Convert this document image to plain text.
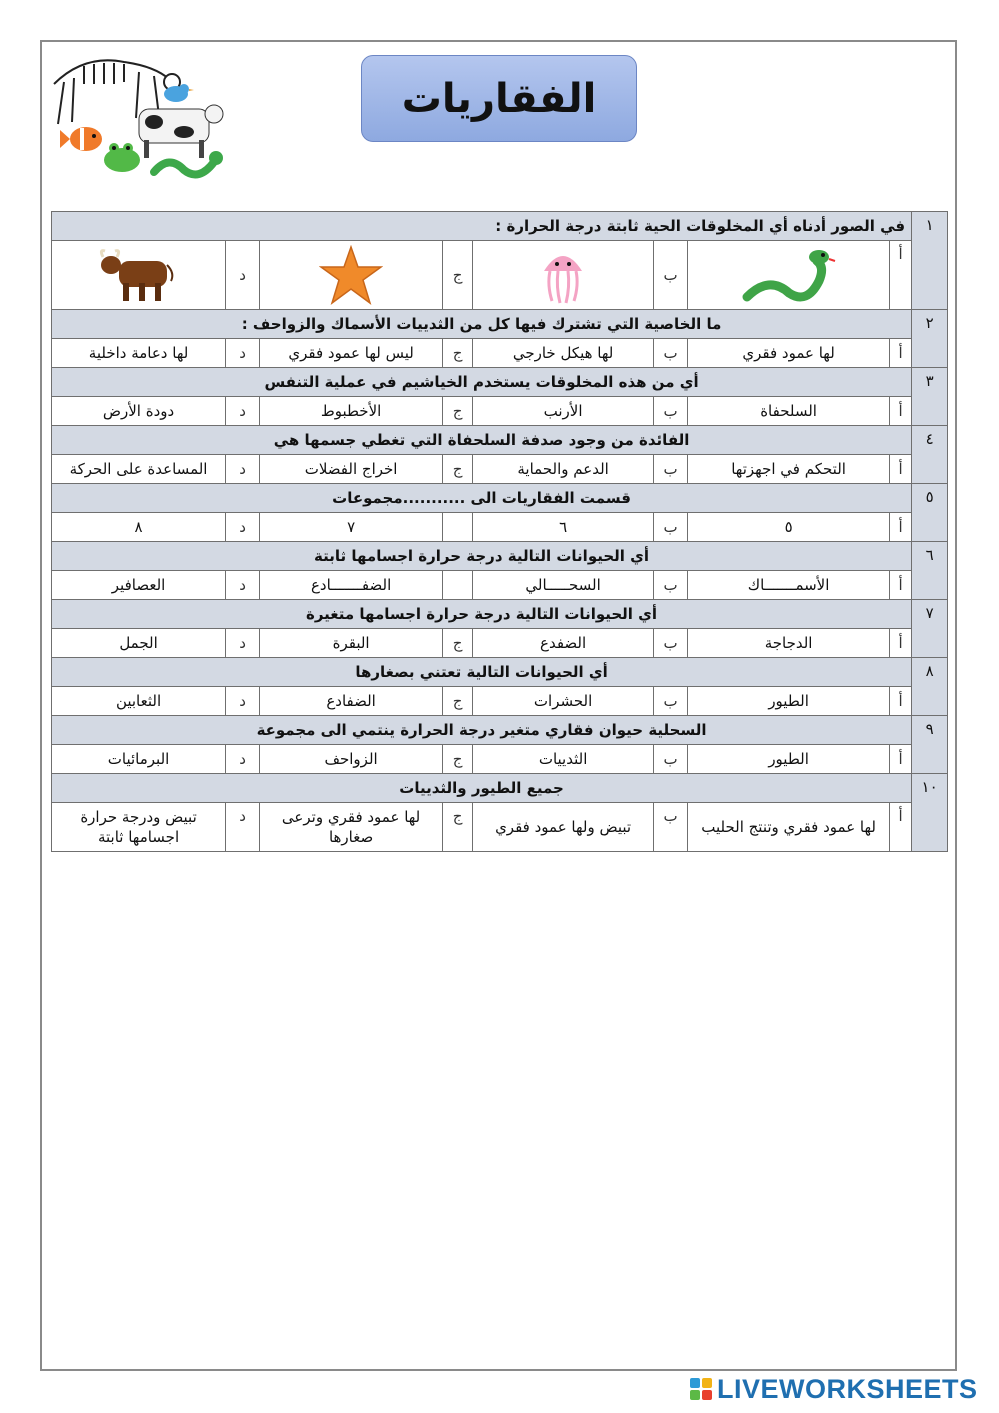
الفقاريات
١	في الصور أدناه أي المخلوقات الحية ثابتة درجة الحرارة :							
	أ		ب		ج		د	
٢	ما الخاصية التي تشترك فيها كل من الثدييات الأسماك والزواحف :							
	أ	لها عمود فقري	ب	لها هيكل خارجي	ج	ليس لها عمود فقري	د	لها دعامة داخلية
٣	أي من هذه المخلوقات يستخدم الخياشيم في عملية التنفس							
	أ	السلحفاة	ب	الأرنب	ج	الأخطبوط	د	دودة الأرض
٤	الفائدة من وجود صدفة السلحفاة التي تغطي جسمها هي							
	أ	التحكم في اجهزتها	ب	الدعم والحماية	ج	اخراج الفضلات	د	المساعدة على الحركة
٥	قسمت الفقاريات الى ...........مجموعات							
	أ	٥	ب	٦		٧	د	٨
٦	أي الحيوانات التالية درجة حرارة اجسامها ثابتة							
	أ	الأسمـــــــاك	ب	السحـــــالي		الضفـــــــادع	د	العصافير
٧	أي الحيوانات التالية درجة حرارة اجسامها متغيرة							
	أ	الدجاجة	ب	الضفدع	ج	البقرة	د	الجمل
٨	أي الحيوانات التالية تعتني بصغارها							
	أ	الطيور	ب	الحشرات	ج	الضفادع	د	الثعابين
٩	السحلية حيوان فقاري متغير درجة الحرارة ينتمي الى مجموعة							
	أ	الطيور	ب	الثدييات	ج	الزواحف	د	البرمائيات
١٠	جميع الطيور والثدييات							
	أ	لها عمود فقري وتنتج الحليب	ب	تبيض ولها عمود فقري	ج	لها عمود فقري وترعى صغارها	د	تبيض ودرجة حرارة اجسامها ثابتة
LIVEWORKSHEETS
